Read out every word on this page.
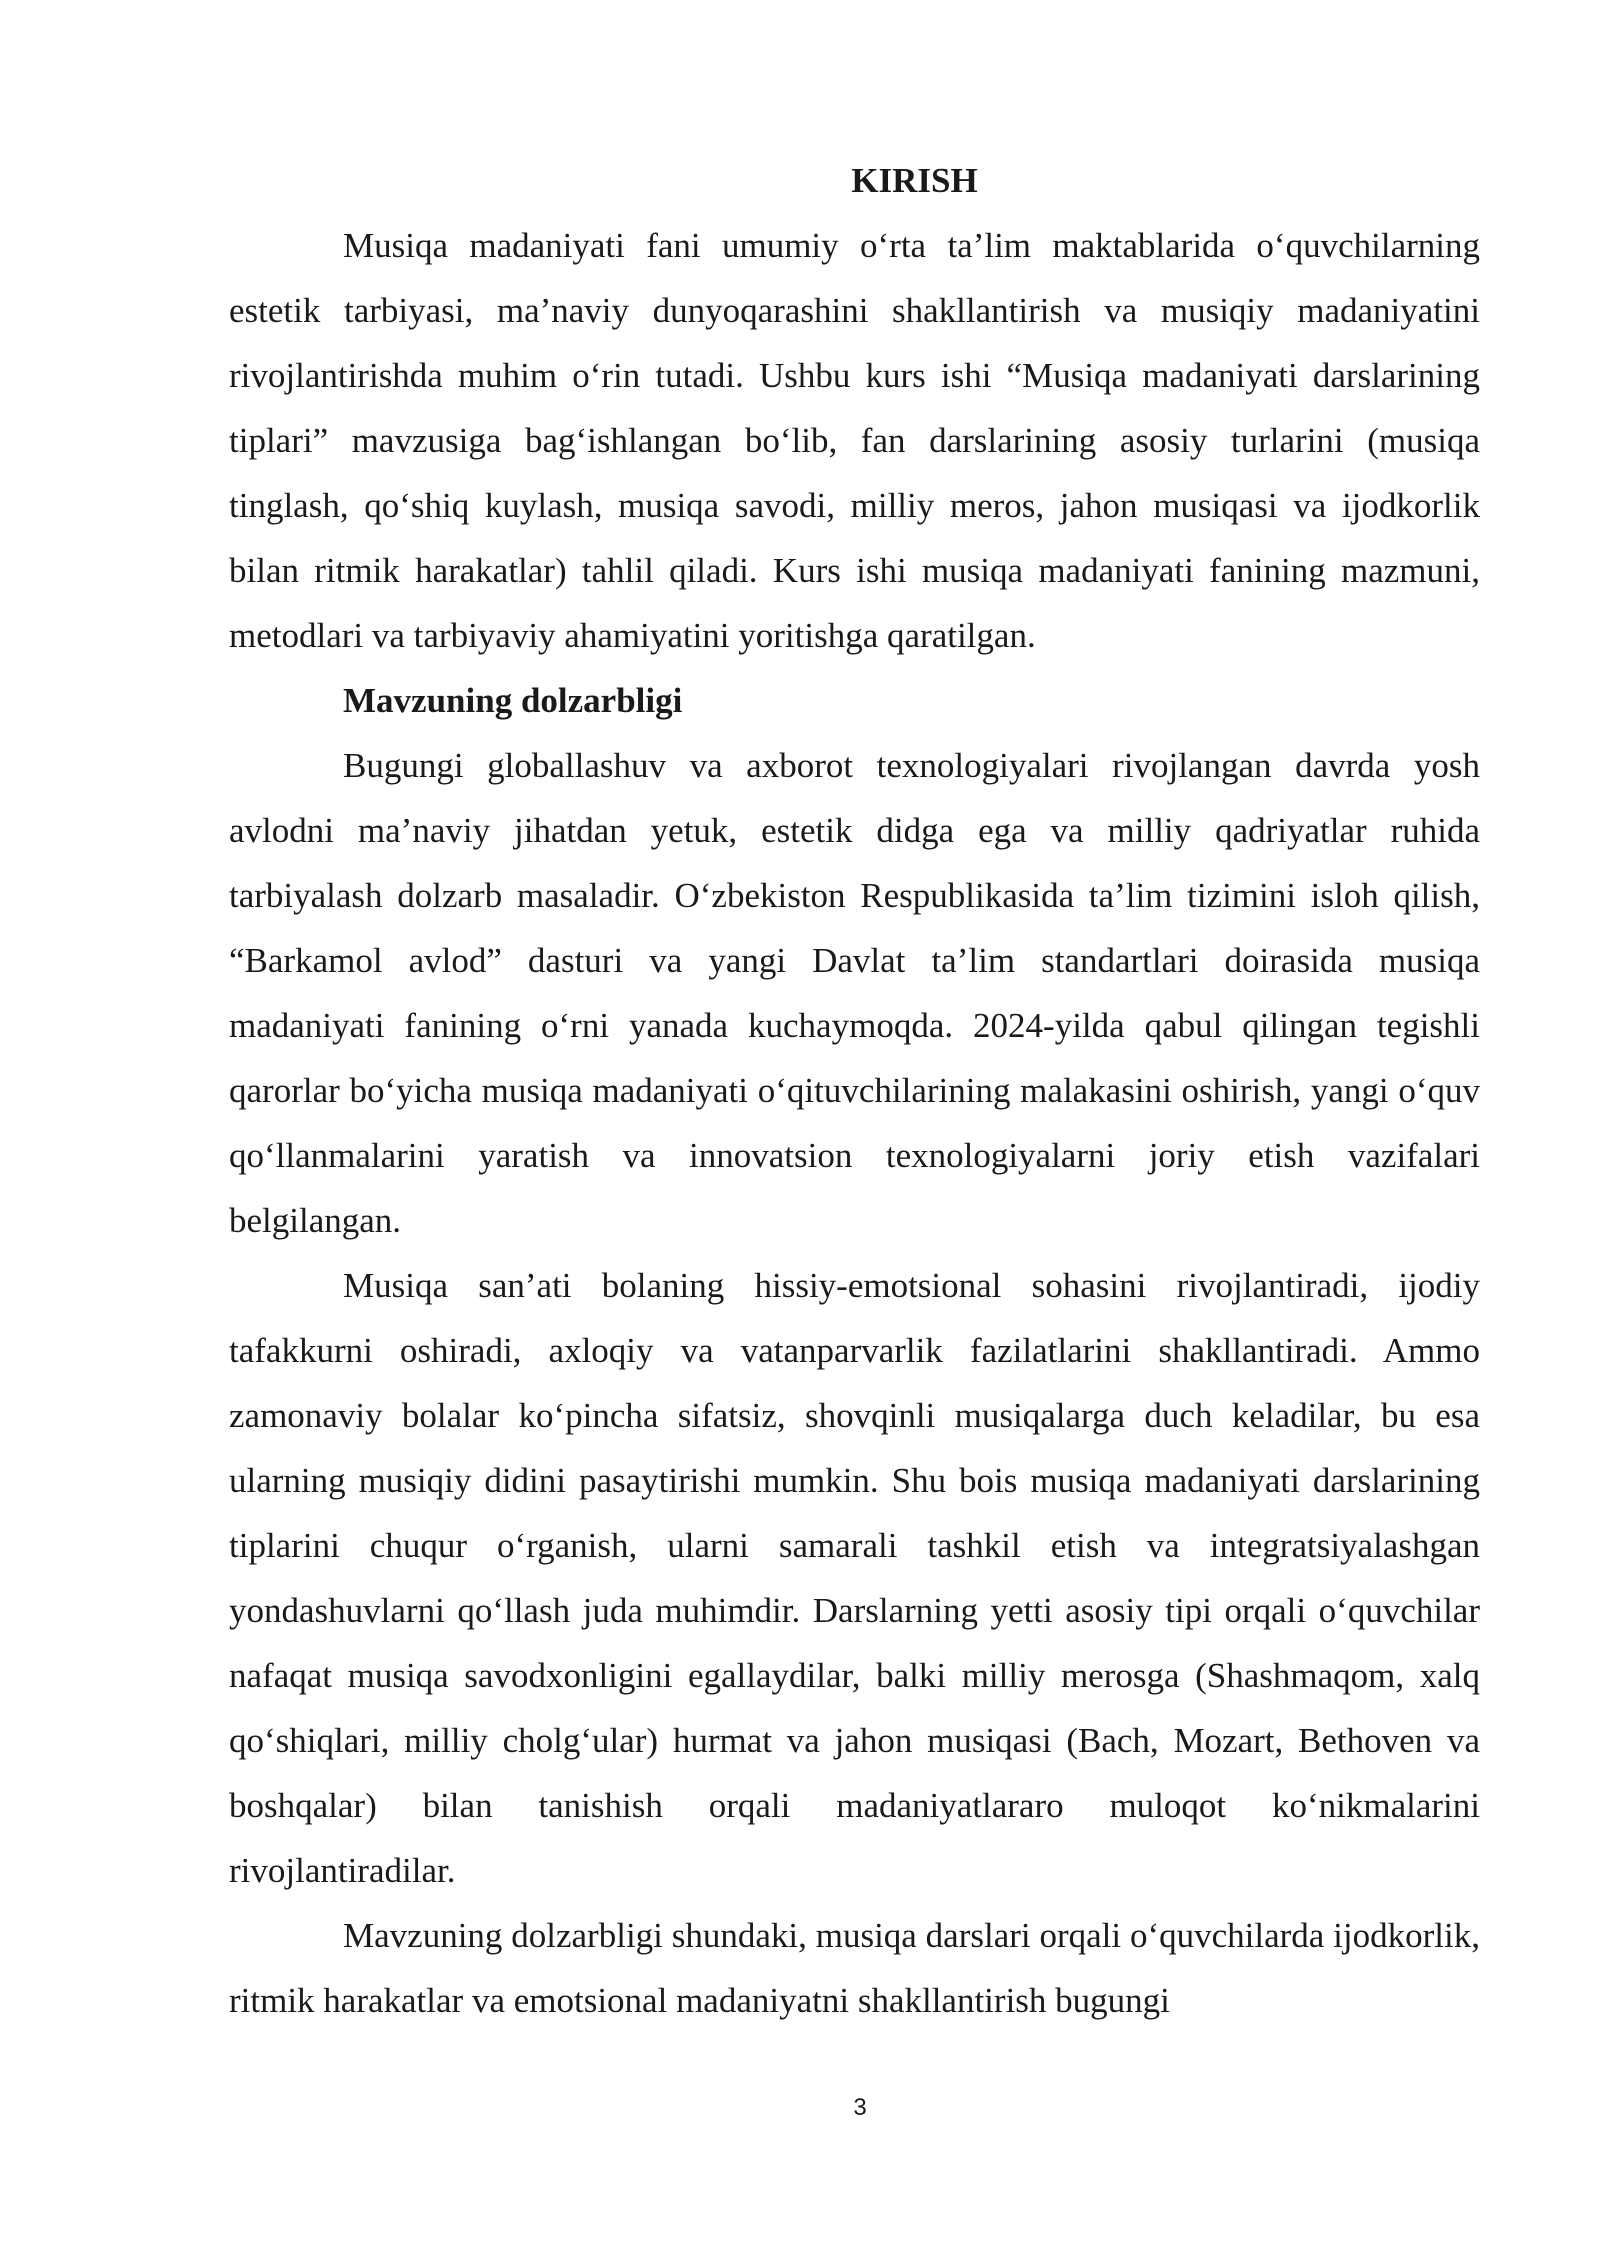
KIRISH

Musiqa madaniyati fani umumiy o‘rta ta’lim maktablarida o‘quvchilarning estetik tarbiyasi, ma’naviy dunyoqarashini shakllantirish va musiqiy madaniyatini rivojlantirishda muhim o‘rin tutadi. Ushbu kurs ishi “Musiqa madaniyati darslarining tiplari” mavzusiga bag‘ishlangan bo‘lib, fan darslarining asosiy turlarini (musiqa tinglash, qo‘shiq kuylash, musiqa savodi, milliy meros, jahon musiqasi va ijodkorlik bilan ritmik harakatlar) tahlil qiladi. Kurs ishi musiqa madaniyati fanining mazmuni, metodlari va tarbiyaviy ahamiyatini yoritishga qaratilgan.

Mavzuning dolzarbligi

Bugungi globallashuv va axborot texnologiyalari rivojlangan davrda yosh avlodni ma’naviy jihatdan yetuk, estetik didga ega va milliy qadriyatlar ruhida tarbiyalash dolzarb masaladir. O‘zbekiston Respublikasida ta’lim tizimini isloh qilish, “Barkamol avlod” dasturi va yangi Davlat ta’lim standartlari doirasida musiqa madaniyati fanining o‘rni yanada kuchaymoqda. 2024-yilda qabul qilingan tegishli qarorlar bo‘yicha musiqa madaniyati o‘qituvchilarining malakasini oshirish, yangi o‘quv qo‘llanmalarini yaratish va innovatsion texnologiyalarni joriy etish vazifalari belgilangan.

Musiqa san’ati bolaning hissiy-emotsional sohasini rivojlantiradi, ijodiy tafakkurni oshiradi, axloqiy va vatanparvarlik fazilatlarini shakllantiradi. Ammo zamonaviy bolalar ko‘pincha sifatsiz, shovqinli musiqalarga duch keladilar, bu esa ularning musiqiy didini pasaytirishi mumkin. Shu bois musiqa madaniyati darslarining tiplarini chuqur o‘rganish, ularni samarali tashkil etish va integratsiyalashgan yondashuvlarni qo‘llash juda muhimdir. Darslarning yetti asosiy tipi orqali o‘quvchilar nafaqat musiqa savodxonligini egallaydilar, balki milliy merosga (Shashmaqom, xalq qo‘shiqlari, milliy cholg‘ular) hurmat va jahon musiqasi (Bach, Mozart, Bethoven va boshqalar) bilan tanishish orqali madaniyatlararo muloqot ko‘nikmalarini rivojlantiradilar.

Mavzuning dolzarbligi shundaki, musiqa darslari orqali o‘quvchilarda ijodkorlik, ritmik harakatlar va emotsional madaniyatni shakllantirish bugungi

3
